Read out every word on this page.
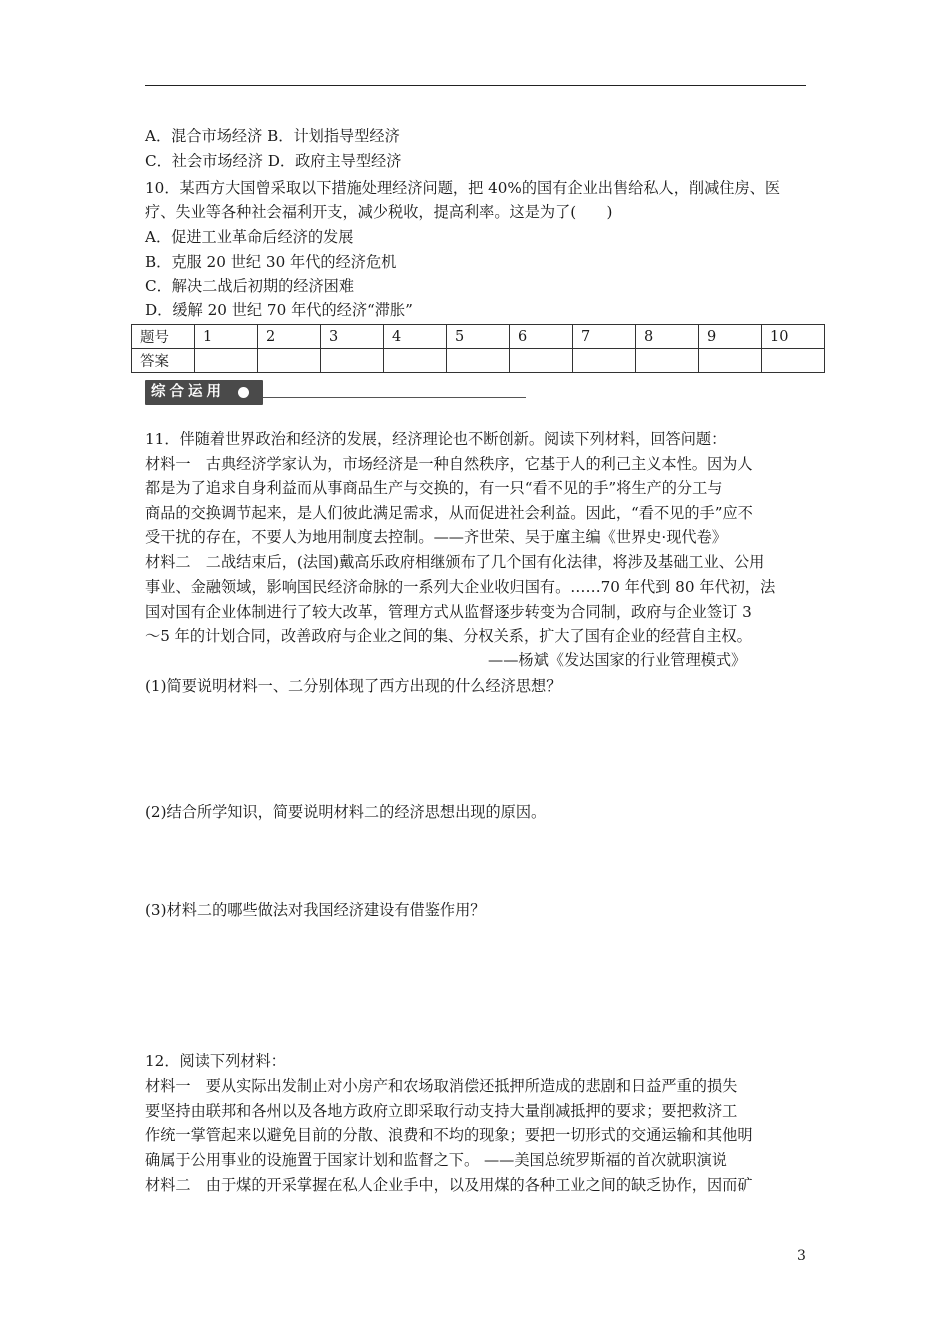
A．混合市场经济 B．计划指导型经济
C．社会市场经济 D．政府主导型经济
10．某西方大国曾采取以下措施处理经济问题，把 40%的国有企业出售给私人，削减住房、医
疗、失业等各种社会福利开支，减少税收，提高利率。这是为了(　　)
A．促进工业革命后经济的发展
B．克服 20 世纪 30 年代的经济危机
C．解决二战后初期的经济困难
D．缓解 20 世纪 70 年代的经济“滞胀”
题号	1	2	3	4	5	6	7	8	9	10
答案										
综合运用
11．伴随着世界政治和经济的发展，经济理论也不断创新。阅读下列材料，回答问题：
材料一　古典经济学家认为，市场经济是一种自然秩序，它基于人的利己主义本性。因为人
都是为了追求自身利益而从事商品生产与交换的，有一只“看不见的手”将生产的分工与
商品的交换调节起来，是人们彼此满足需求，从而促进社会利益。因此，“看不见的手”应不
受干扰的存在，不要人为地用制度去控制。——齐世荣、吴于廑主编《世界史·现代卷》
材料二　二战结束后，(法国)戴高乐政府相继颁布了几个国有化法律，将涉及基础工业、公用
事业、金融领域，影响国民经济命脉的一系列大企业收归国有。……70 年代到 80 年代初，法
国对国有企业体制进行了较大改革，管理方式从监督逐步转变为合同制，政府与企业签订 3
～5 年的计划合同，改善政府与企业之间的集、分权关系，扩大了国有企业的经营自主权。
——杨斌《发达国家的行业管理模式》
(1)简要说明材料一、二分别体现了西方出现的什么经济思想？
(2)结合所学知识，简要说明材料二的经济思想出现的原因。
(3)材料二的哪些做法对我国经济建设有借鉴作用？
12．阅读下列材料：
材料一　要从实际出发制止对小房产和农场取消偿还抵押所造成的悲剧和日益严重的损失
要坚持由联邦和各州以及各地方政府立即采取行动支持大量削减抵押的要求；要把救济工
作统一掌管起来以避免目前的分散、浪费和不均的现象；要把一切形式的交通运输和其他明
确属于公用事业的设施置于国家计划和监督之下。 ——美国总统罗斯福的首次就职演说
材料二　由于煤的开采掌握在私人企业手中，以及用煤的各种工业之间的缺乏协作，因而矿
3
